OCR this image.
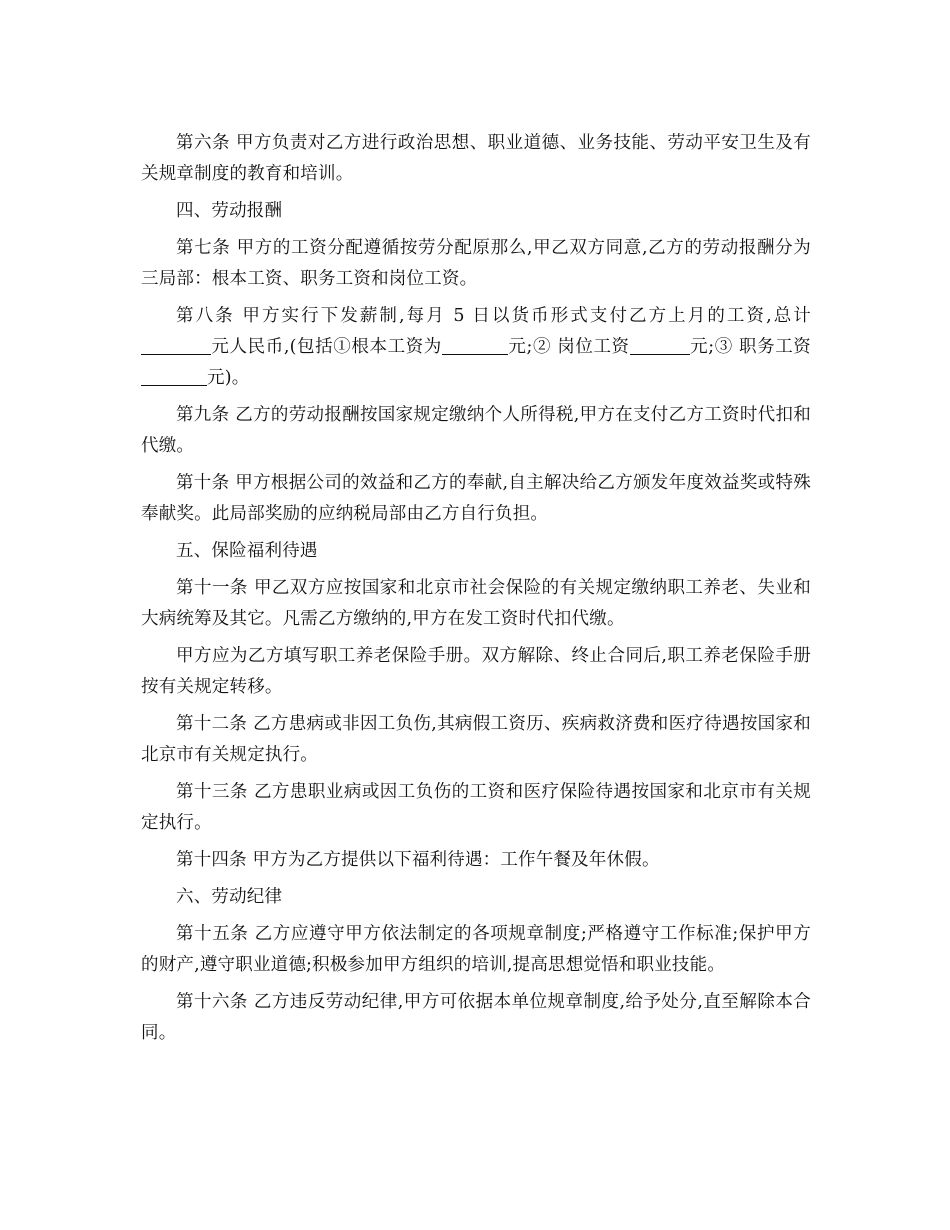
第六条 甲方负责对乙方进行政治思想、职业道德、业务技能、劳动平安卫生及有关规章制度的教育和培训。

四、劳动报酬

第七条 甲方的工资分配遵循按劳分配原那么,甲乙双方同意,乙方的劳动报酬分为三局部：根本工资、职务工资和岗位工资。

第八条 甲方实行下发薪制,每月 5 日以货币形式支付乙方上月的工资,总计元人民币,(包括①根本工资为	元;② 岗位工资	元;③ 职务工资元)。

第九条 乙方的劳动报酬按国家规定缴纳个人所得税,甲方在支付乙方工资时代扣和代缴。

第十条 甲方根据公司的效益和乙方的奉献,自主解决给乙方颁发年度效益奖或特殊奉献奖。此局部奖励的应纳税局部由乙方自行负担。

五、保险福利待遇

第十一条 甲乙双方应按国家和北京市社会保险的有关规定缴纳职工养老、失业和大病统筹及其它。凡需乙方缴纳的,甲方在发工资时代扣代缴。

甲方应为乙方填写职工养老保险手册。双方解除、终止合同后,职工养老保险手册按有关规定转移。

第十二条 乙方患病或非因工负伤,其病假工资历、疾病救济费和医疗待遇按国家和北京市有关规定执行。

第十三条 乙方患职业病或因工负伤的工资和医疗保险待遇按国家和北京市有关规定执行。

第十四条 甲方为乙方提供以下福利待遇：工作午餐及年休假。

六、劳动纪律

第十五条 乙方应遵守甲方依法制定的各项规章制度;严格遵守工作标准;保护甲方的财产,遵守职业道德;积极参加甲方组织的培训,提高思想觉悟和职业技能。

第十六条 乙方违反劳动纪律,甲方可依据本单位规章制度,给予处分,直至解除本合同。
